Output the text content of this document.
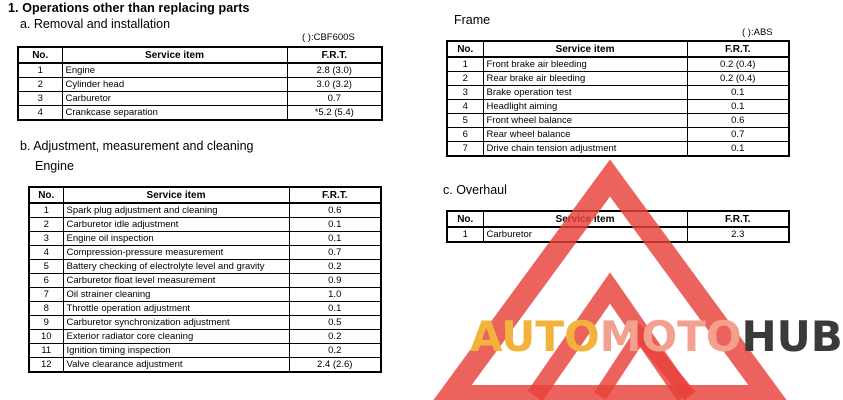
1. Operations other than replacing parts
a. Removal and installation
( ):CBF600S
No.	Service item	F.R.T.
1	Engine	2.8 (3.0)
2	Cylinder head	3.0 (3.2)
3	Carburetor	0.7
4	Crankcase separation	*5.2 (5.4)
b. Adjustment, measurement and cleaning
Engine
No.	Service item	F.R.T.
1	Spark plug adjustment and cleaning	0.6
2	Carburetor idle adjustment	0.1
3	Engine oil inspection	0.1
4	Compression-pressure measurement	0.7
5	Battery checking of electrolyte level and gravity	0.2
6	Carburetor float level measurement	0.9
7	Oil strainer cleaning	1.0
8	Throttle operation adjustment	0.1
9	Carburetor synchronization adjustment	0.5
10	Exterior radiator core cleaning	0.2
11	Ignition timing inspection	0.2
12	Valve clearance adjustment	2.4 (2.6)
Frame
( ):ABS
No.	Service item	F.R.T.
1	Front brake air bleeding	0.2 (0.4)
2	Rear brake air bleeding	0.2 (0.4)
3	Brake operation test	0.1
4	Headlight aiming	0.1
5	Front wheel balance	0.6
6	Rear wheel balance	0.7
7	Drive chain tension adjustment	0.1
c. Overhaul
No.	Service item	F.R.T.
1	Carburetor	2.3
AUTOMOTOHUB
